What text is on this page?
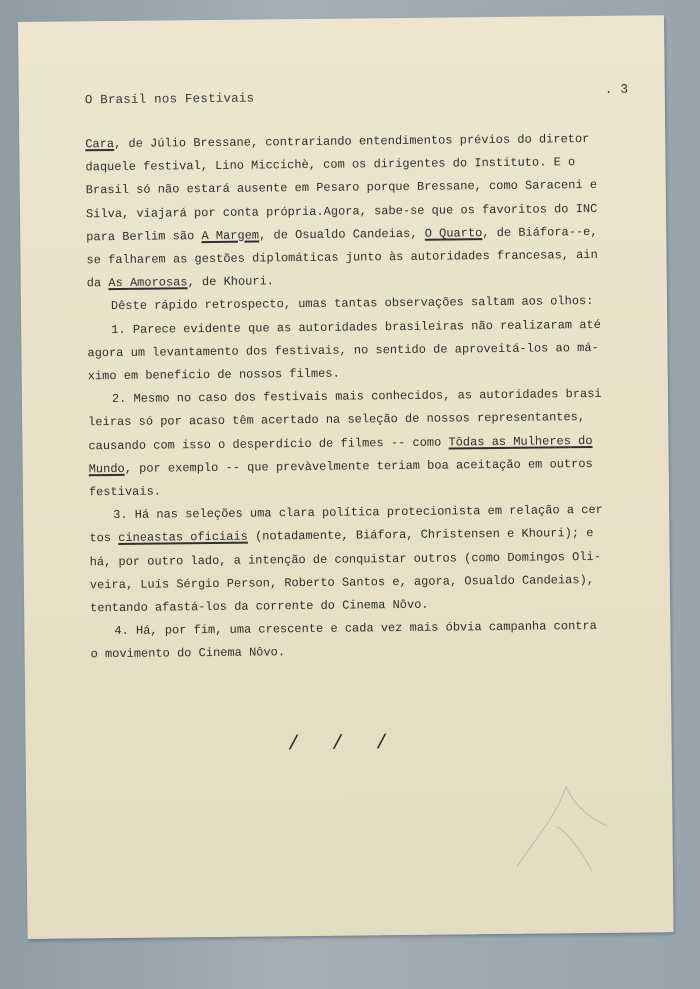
O Brasil nos Festivais
. 3

Cara, de Júlio Bressane, contrariando entendimentos prévios do diretor

daquele festival, Lino Miccichè, com os dirigentes do Instituto. E o

Brasil só não estará ausente em Pesaro porque Bressane, como Saraceni e

Silva, viajará por conta própria.Agora, sabe-se que os favoritos do INC

para Berlim são A Margem, de Osualdo Candeias, O Quarto, de Biáfora--e,

se falharem as gestões diplomáticas junto às autoridades francesas, ain

da As Amorosas, de Khouri.

Dêste rápido retrospecto, umas tantas observações saltam aos olhos:

1. Parece evidente que as autoridades brasileiras não realizaram até

agora um levantamento dos festivais, no sentido de aproveitá-los ao má-

ximo em benefício de nossos filmes.

2. Mesmo no caso dos festivais mais conhecidos, as autoridades brasi

leiras só por acaso têm acertado na seleção de nossos representantes,

causando com isso o desperdício de filmes -- como Tôdas as Mulheres do

Mundo, por exemplo -- que prevàvelmente teriam boa aceitação em outros

festivais.

3. Há nas seleções uma clara política protecionista em relação a cer

tos cineastas oficiais (notadamente, Biáfora, Christensen e Khouri); e

há, por outro lado, a intenção de conquistar outros (como Domingos Oli-

veira, Luís Sérgio Person, Roberto Santos e, agora, Osualdo Candeias),

tentando afastá-los da corrente do Cinema Nôvo.

4. Há, por fim, uma crescente e cada vez mais óbvia campanha contra

o movimento do Cinema Nôvo.

/ / /
